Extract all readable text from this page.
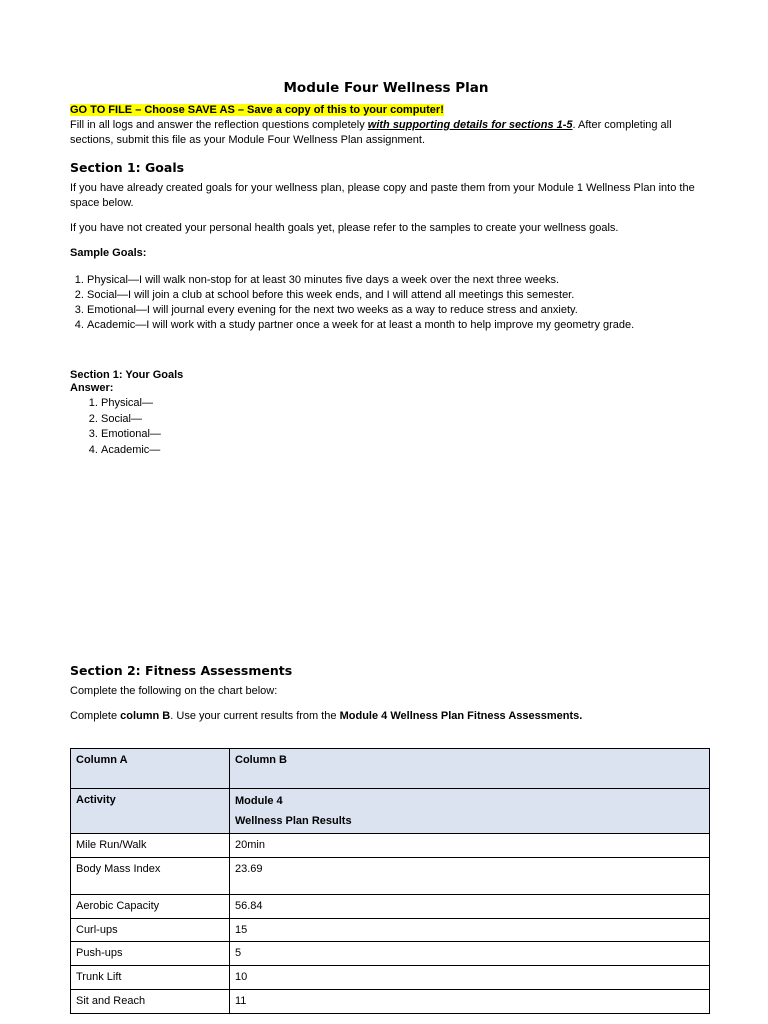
Module Four Wellness Plan
GO TO FILE – Choose SAVE AS – Save a copy of this to your computer!
Fill in all logs and answer the reflection questions completely with supporting details for sections 1-5. After completing all sections, submit this file as your Module Four Wellness Plan assignment.
Section 1: Goals
If you have already created goals for your wellness plan, please copy and paste them from your Module 1 Wellness Plan into the space below.
If you have not created your personal health goals yet, please refer to the samples to create your wellness goals.
Sample Goals:
1. Physical—I will walk non-stop for at least 30 minutes five days a week over the next three weeks.
2. Social—I will join a club at school before this week ends, and I will attend all meetings this semester.
3. Emotional—I will journal every evening for the next two weeks as a way to reduce stress and anxiety.
4. Academic—I will work with a study partner once a week for at least a month to help improve my geometry grade.
Section 1: Your Goals
Answer:
1. Physical—
2. Social—
3. Emotional—
4. Academic—
Section 2: Fitness Assessments
Complete the following on the chart below:
Complete column B. Use your current results from the Module 4 Wellness Plan Fitness Assessments.
Column A	Column B
Activity	Module 4
Wellness Plan Results

Mile Run/Walk	20min
Body Mass Index	23.69
Aerobic Capacity	56.84
Curl-ups	15
Push-ups	5
Trunk Lift	10
Sit and Reach	11
